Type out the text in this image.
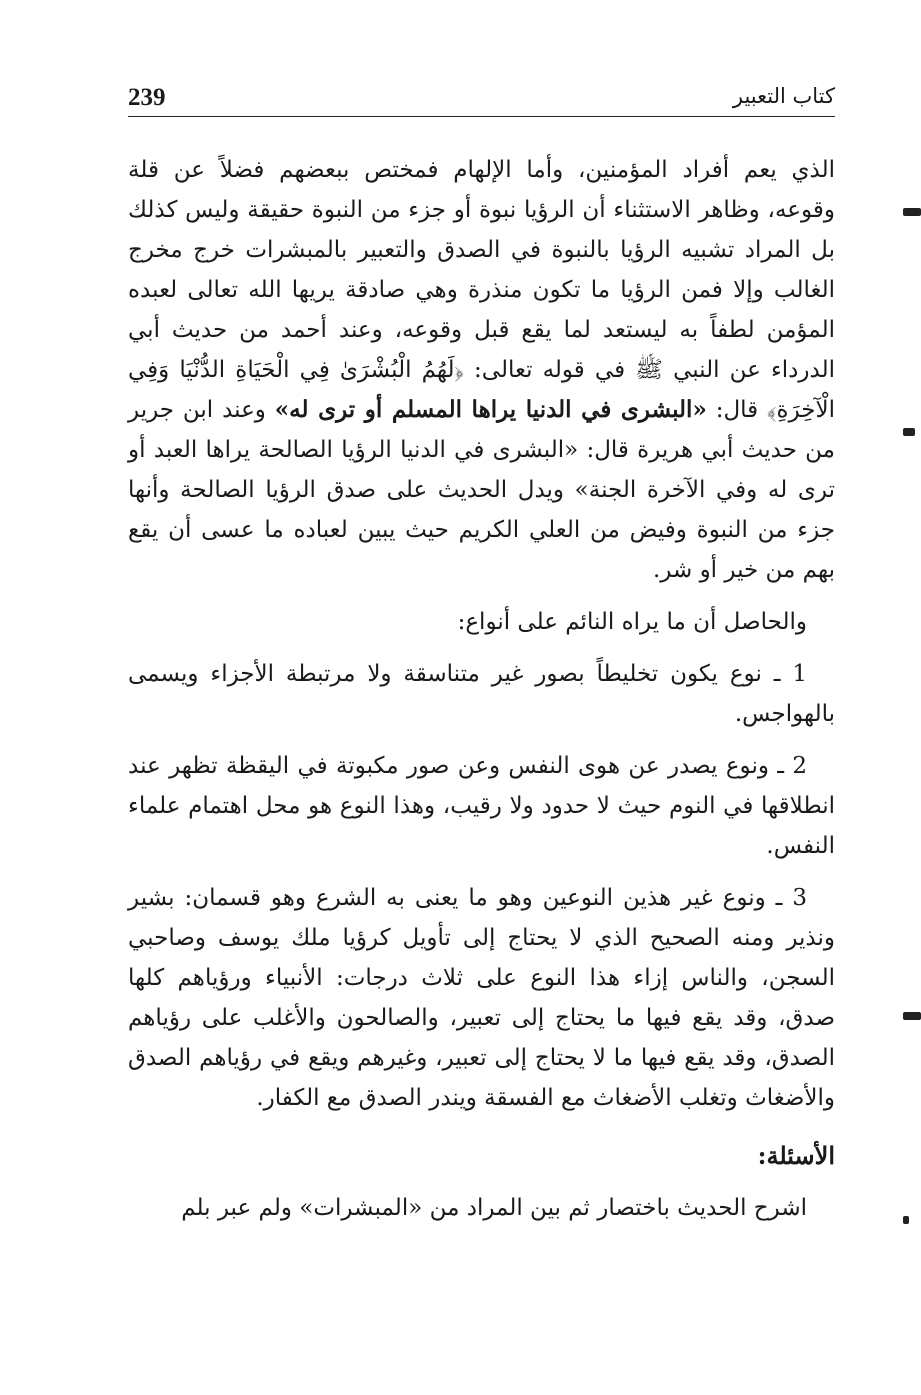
239	كتاب التعبير

الذي يعم أفراد المؤمنين، وأما الإلهام فمختص ببعضهم فضلاً عن قلة وقوعه، وظاهر الاستثناء أن الرؤيا نبوة أو جزء من النبوة حقيقة وليس كذلك بل المراد تشبيه الرؤيا بالنبوة في الصدق والتعبير بالمبشرات خرج مخرج الغالب وإلا فمن الرؤيا ما تكون منذرة وهي صادقة يريها الله تعالى لعبده المؤمن لطفاً به ليستعد لما يقع قبل وقوعه، وعند أحمد من حديث أبي الدرداء عن النبي ﷺ في قوله تعالى: ﴿لَهُمُ الْبُشْرَىٰ فِي الْحَيَاةِ الدُّنْيَا وَفِي الْآخِرَةِ﴾ قال: «البشرى في الدنيا يراها المسلم أو ترى له» وعند ابن جرير من حديث أبي هريرة قال: «البشرى في الدنيا الرؤيا الصالحة يراها العبد أو ترى له وفي الآخرة الجنة» ويدل الحديث على صدق الرؤيا الصالحة وأنها جزء من النبوة وفيض من العلي الكريم حيث يبين لعباده ما عسى أن يقع بهم من خير أو شر.

والحاصل أن ما يراه النائم على أنواع:

1 ـ نوع يكون تخليطاً بصور غير متناسقة ولا مرتبطة الأجزاء ويسمى بالهواجس.

2 ـ ونوع يصدر عن هوى النفس وعن صور مكبوتة في اليقظة تظهر عند انطلاقها في النوم حيث لا حدود ولا رقيب، وهذا النوع هو محل اهتمام علماء النفس.

3 ـ ونوع غير هذين النوعين وهو ما يعنى به الشرع وهو قسمان: بشير ونذير ومنه الصحيح الذي لا يحتاج إلى تأويل كرؤيا ملك يوسف وصاحبي السجن، والناس إزاء هذا النوع على ثلاث درجات: الأنبياء ورؤياهم كلها صدق، وقد يقع فيها ما يحتاج إلى تعبير، والصالحون والأغلب على رؤياهم الصدق، وقد يقع فيها ما لا يحتاج إلى تعبير، وغيرهم ويقع في رؤياهم الصدق والأضغاث وتغلب الأضغاث مع الفسقة ويندر الصدق مع الكفار.

الأسئلة:

اشرح الحديث باختصار ثم بين المراد من «المبشرات» ولم عبر بلم
